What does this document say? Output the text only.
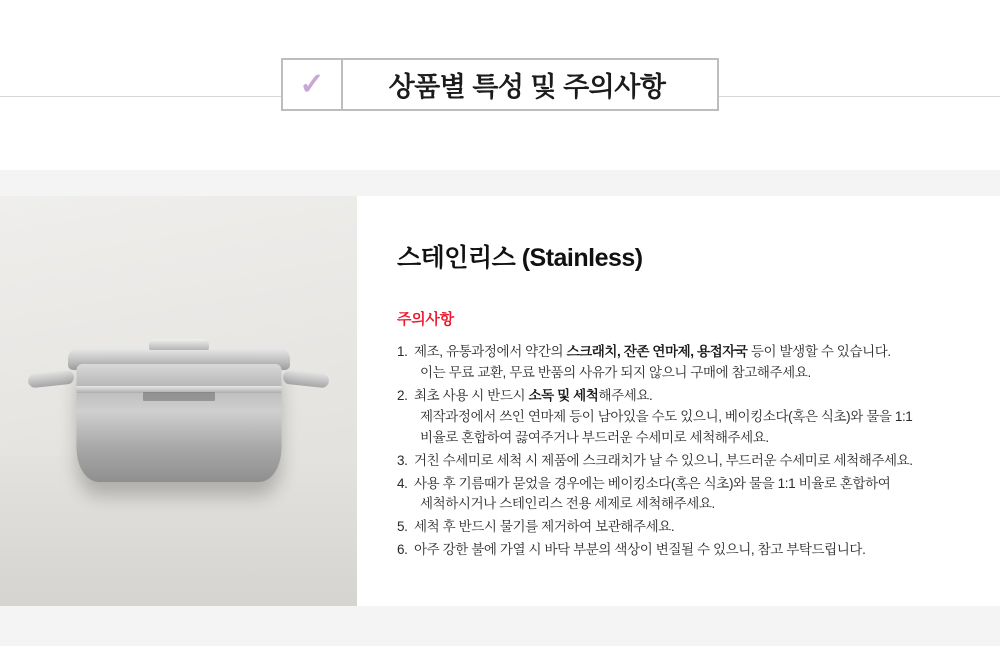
✓	상품별 특성 및 주의사항
스테인리스 (Stainless)
주의사항
1. 제조, 유통과정에서 약간의 스크래치, 잔존 연마제, 용접자국 등이 발생할 수 있습니다.
이는 무료 교환, 무료 반품의 사유가 되지 않으니 구매에 참고해주세요.
2. 최초 사용 시 반드시 소독 및 세척해주세요.
제작과정에서 쓰인 연마제 등이 남아있을 수도 있으니, 베이킹소다(혹은 식초)와 물을 1:1
비율로 혼합하여 끓여주거나 부드러운 수세미로 세척해주세요.
3. 거친 수세미로 세척 시 제품에 스크래치가 날 수 있으니, 부드러운 수세미로 세척해주세요.
4. 사용 후 기름때가 묻었을 경우에는 베이킹소다(혹은 식초)와 물을 1:1 비율로 혼합하여
세척하시거나 스테인리스 전용 세제로 세척해주세요.
5. 세척 후 반드시 물기를 제거하여 보관해주세요.
6. 아주 강한 불에 가열 시 바닥 부분의 색상이 변질될 수 있으니, 참고 부탁드립니다.
